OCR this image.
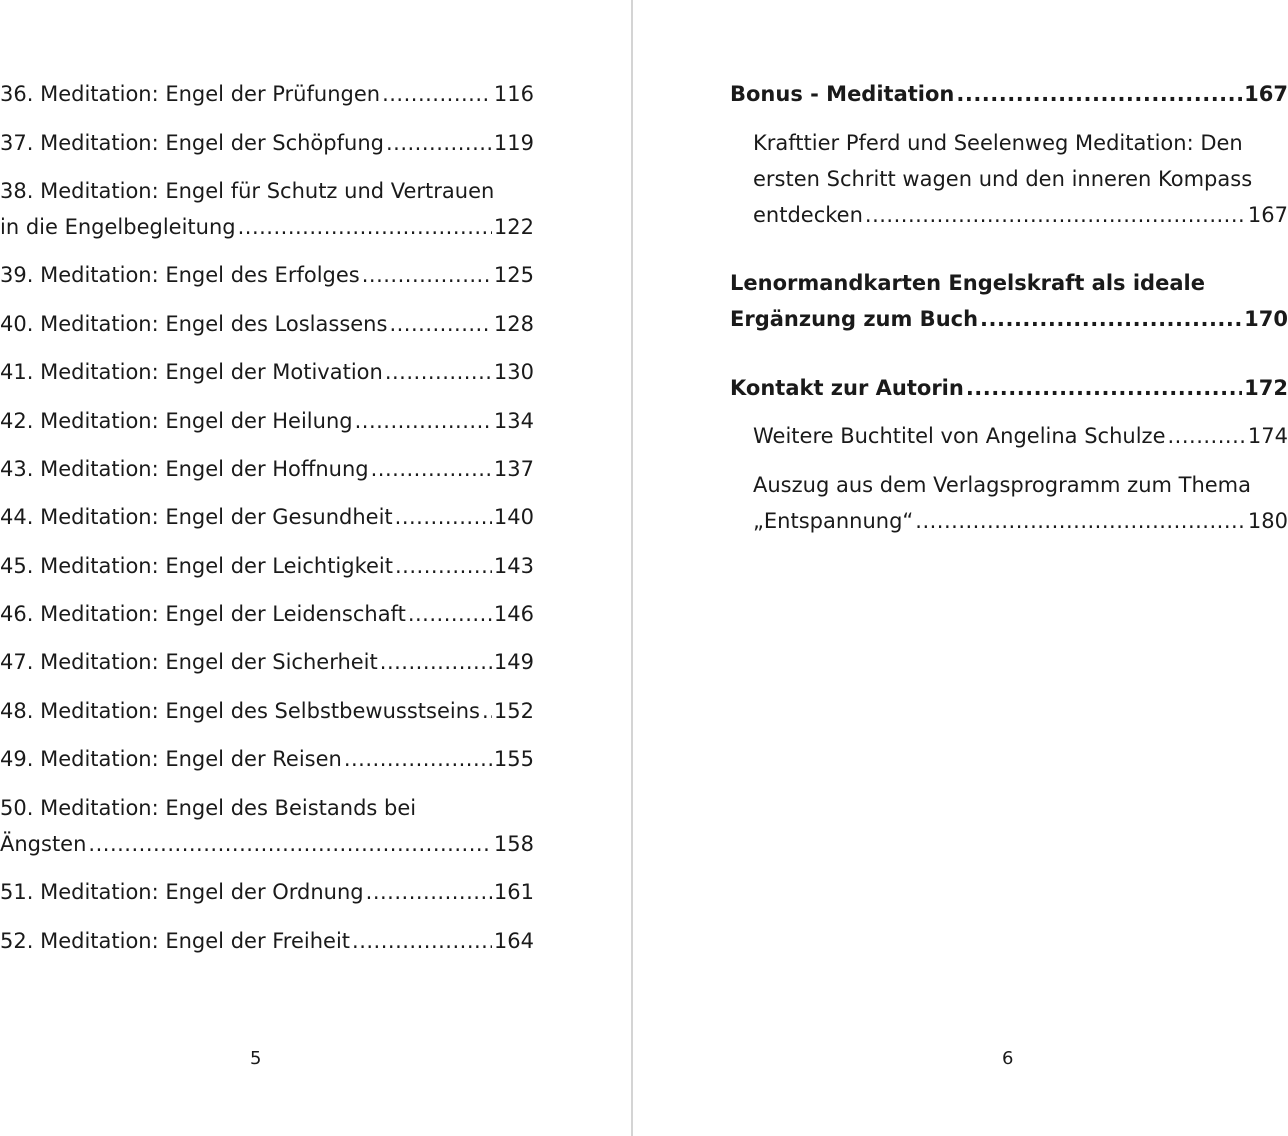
36. Meditation: Engel der Prüfungen .....	116
37. Meditation: Engel der Schöpfung .....	119
38. Meditation: Engel für Schutz und Vertrauen
in die Engelbegleitung .....	122
39. Meditation: Engel des Erfolges .....	125
40. Meditation: Engel des Loslassens .....	128
41. Meditation: Engel der Motivation .....	130
42. Meditation: Engel der Heilung .....	134
43. Meditation: Engel der Hoffnung .....	137
44. Meditation: Engel der Gesundheit .....	140
45. Meditation: Engel der Leichtigkeit .....	143
46. Meditation: Engel der Leidenschaft .....	146
47. Meditation: Engel der Sicherheit .....	149
48. Meditation: Engel des Selbstbewusstseins ..... 152
49. Meditation: Engel der Reisen .....	155
50. Meditation: Engel des Beistands bei
Ängsten .....	158
51. Meditation: Engel der Ordnung .....	161
52. Meditation: Engel der Freiheit .....	164
5
Bonus - Meditation .....	167
Krafttier Pferd und Seelenweg Meditation: Den
ersten Schritt wagen und den inneren Kompass
entdecken .....	167
Lenormandkarten Engelskraft als ideale
Ergänzung zum Buch .....	170
Kontakt zur Autorin .....	172
Weitere Buchtitel von Angelina Schulze .....	174
Auszug aus dem Verlagsprogramm zum Thema
„Entspannung“ .....	180
6
